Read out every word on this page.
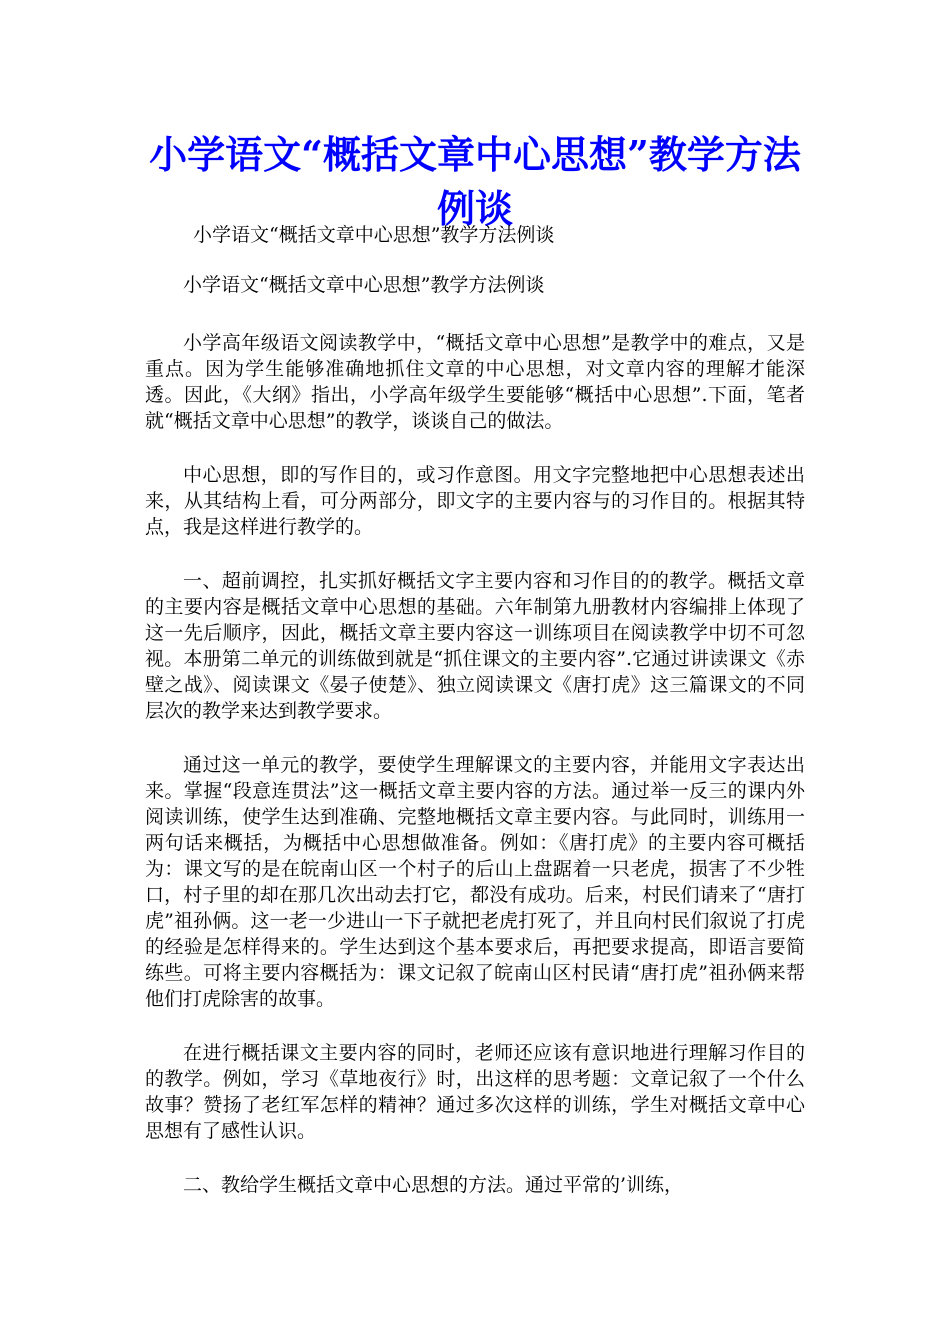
小学语文“概括文章中心思想”教学方法例谈

小学语文“概括文章中心思想”教学方法例谈

小学语文“概括文章中心思想”教学方法例谈

小学高年级语文阅读教学中，“概括文章中心思想”是教学中的难点，又是重点。因为学生能够准确地抓住文章的中心思想，对文章内容的理解才能深透。因此，《大纲》指出，小学高年级学生要能够“概括中心思想”.下面，笔者就“概括文章中心思想”的教学，谈谈自己的做法。

中心思想，即的写作目的，或习作意图。用文字完整地把中心思想表述出来，从其结构上看，可分两部分，即文字的主要内容与的习作目的。根据其特点，我是这样进行教学的。

一、超前调控，扎实抓好概括文字主要内容和习作目的的教学。概括文章的主要内容是概括文章中心思想的基础。六年制第九册教材内容编排上体现了这一先后顺序，因此，概括文章主要内容这一训练项目在阅读教学中切不可忽视。本册第二单元的训练做到就是“抓住课文的主要内容”.它通过讲读课文《赤壁之战》、阅读课文《晏子使楚》、独立阅读课文《唐打虎》这三篇课文的不同层次的教学来达到教学要求。

通过这一单元的教学，要使学生理解课文的主要内容，并能用文字表达出来。掌握“段意连贯法”这一概括文章主要内容的方法。通过举一反三的课内外阅读训练，使学生达到准确、完整地概括文章主要内容。与此同时，训练用一两句话来概括，为概括中心思想做准备。例如：《唐打虎》的主要内容可概括为：课文写的是在皖南山区一个村子的后山上盘踞着一只老虎，损害了不少牲口，村子里的却在那几次出动去打它，都没有成功。后来，村民们请来了“唐打虎”祖孙俩。这一老一少进山一下子就把老虎打死了，并且向村民们叙说了打虎的经验是怎样得来的。学生达到这个基本要求后，再把要求提高，即语言要简练些。可将主要内容概括为：课文记叙了皖南山区村民请“唐打虎”祖孙俩来帮他们打虎除害的故事。

在进行概括课文主要内容的同时，老师还应该有意识地进行理解习作目的的教学。例如，学习《草地夜行》时，出这样的思考题：文章记叙了一个什么故事？赞扬了老红军怎样的精神？通过多次这样的训练，学生对概括文章中心思想有了感性认识。

二、教给学生概括文章中心思想的方法。通过平常的’训练，
